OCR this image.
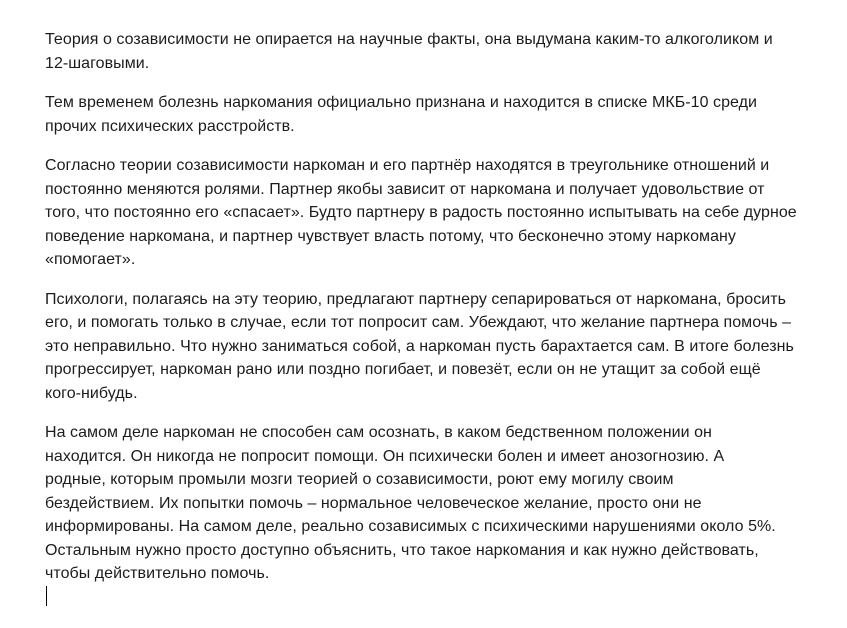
Теория о созависимости не опирается на научные факты, она выдумана каким-то алкоголиком и
12-шаговыми.

Тем временем болезнь наркомания официально признана и находится в списке МКБ-10 среди
прочих психических расстройств.

Согласно теории созависимости наркоман и его партнёр находятся в треугольнике отношений и
постоянно меняются ролями. Партнер якобы зависит от наркомана и получает удовольствие от
того, что постоянно его «спасает». Будто партнеру в радость постоянно испытывать на себе дурное
поведение наркомана, и партнер чувствует власть потому, что бесконечно этому наркоману
«помогает».

Психологи, полагаясь на эту теорию, предлагают партнеру сепарироваться от наркомана, бросить
его, и помогать только в случае, если тот попросит сам. Убеждают, что желание партнера помочь –
это неправильно. Что нужно заниматься собой, а наркоман пусть барахтается сам. В итоге болезнь
прогрессирует, наркоман рано или поздно погибает, и повезёт, если он не утащит за собой ещё
кого-нибудь.

На самом деле наркоман не способен сам осознать, в каком бедственном положении он
находится. Он никогда не попросит помощи. Он психически болен и имеет анозогнозию. А
родные, которым промыли мозги теорией о созависимости, роют ему могилу своим
бездействием. Их попытки помочь – нормальное человеческое желание, просто они не
информированы. На самом деле, реально созависимых с психическими нарушениями около 5%.
Остальным нужно просто доступно объяснить, что такое наркомания и как нужно действовать,
чтобы действительно помочь.
